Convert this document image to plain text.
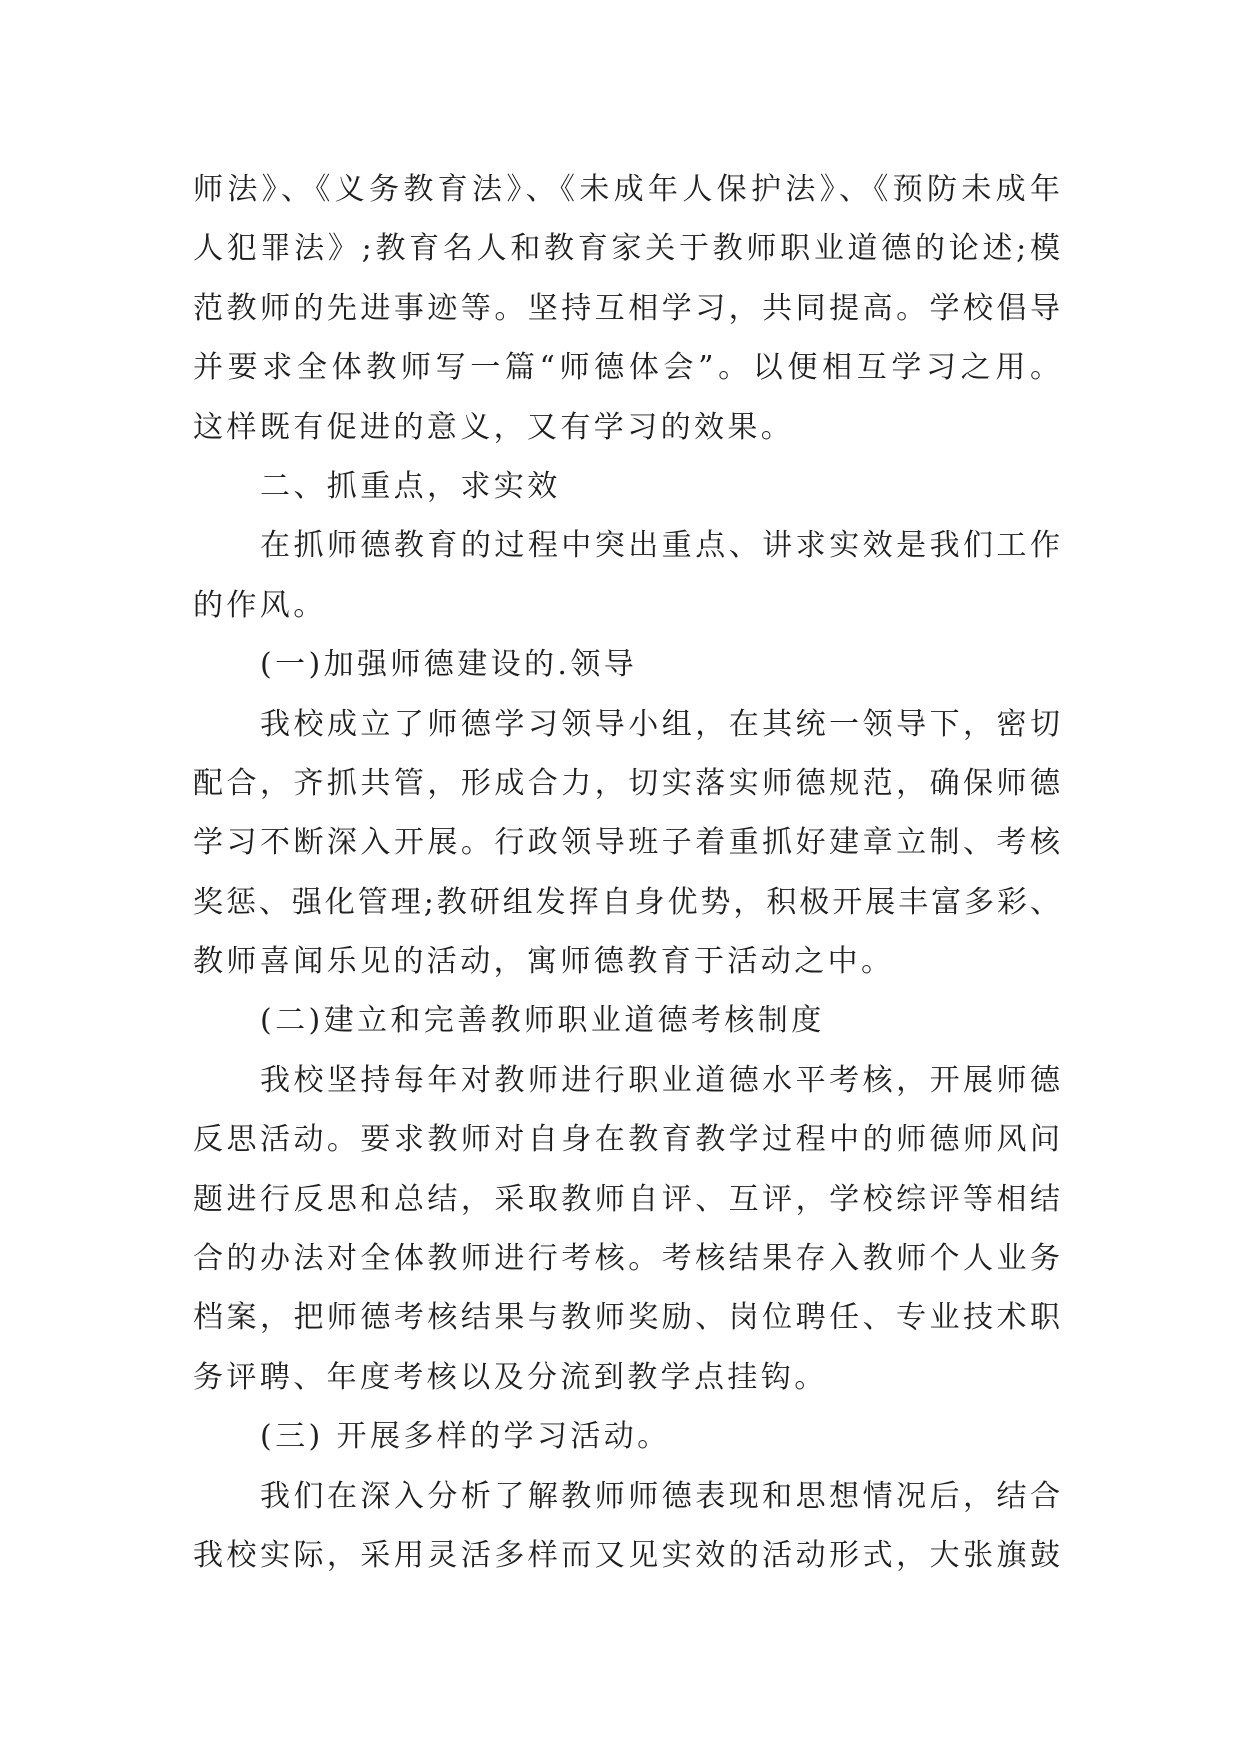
师法》、《义务教育法》、《未成年人保护法》、《预防未成年
人犯罪法》;教育名人和教育家关于教师职业道德的论述;模
范教师的先进事迹等。坚持互相学习，共同提高。学校倡导
并要求全体教师写一篇“师德体会”。以便相互学习之用。
这样既有促进的意义，又有学习的效果。
二、抓重点，求实效
在抓师德教育的过程中突出重点、讲求实效是我们工作
的作风。
(一)加强师德建设的.领导
我校成立了师德学习领导小组，在其统一领导下，密切
配合，齐抓共管，形成合力，切实落实师德规范，确保师德
学习不断深入开展。行政领导班子着重抓好建章立制、考核
奖惩、强化管理;教研组发挥自身优势，积极开展丰富多彩、
教师喜闻乐见的活动，寓师德教育于活动之中。
(二)建立和完善教师职业道德考核制度
我校坚持每年对教师进行职业道德水平考核，开展师德
反思活动。要求教师对自身在教育教学过程中的师德师风问
题进行反思和总结，采取教师自评、互评，学校综评等相结
合的办法对全体教师进行考核。考核结果存入教师个人业务
档案，把师德考核结果与教师奖励、岗位聘任、专业技术职
务评聘、年度考核以及分流到教学点挂钩。
(三) 开展多样的学习活动。
我们在深入分析了解教师师德表现和思想情况后，结合
我校实际，采用灵活多样而又见实效的活动形式，大张旗鼓
